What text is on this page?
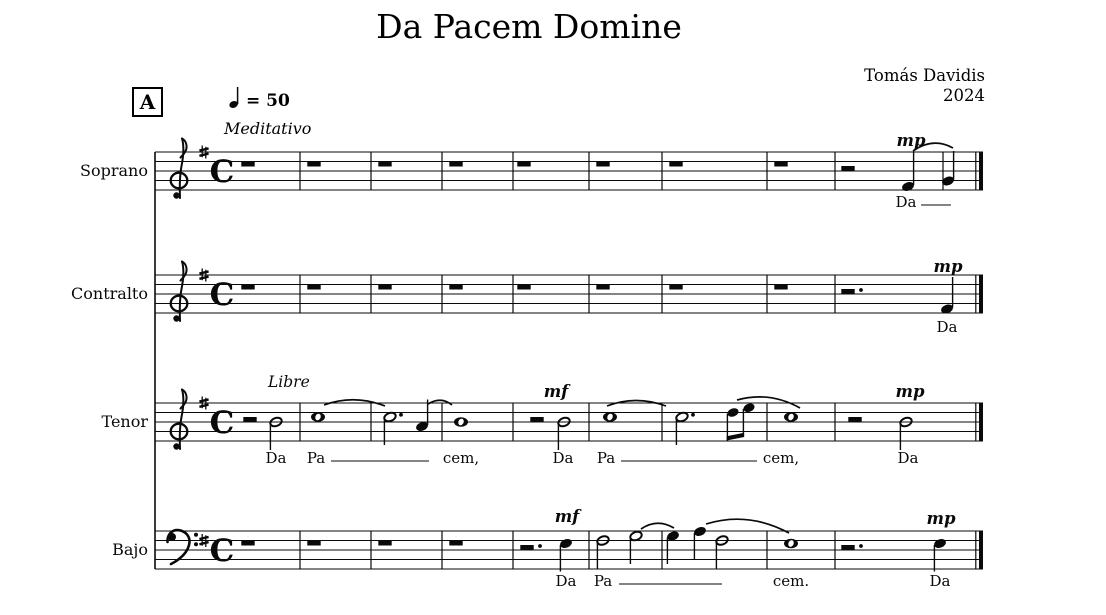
Da Pacem Domine
Tomás Davidis
2024
A	= 50
Meditativo
C
Soprano
mp
Da
C
Contralto
mp
Da
C
Tenor
mf	mp
Libre
Da Pa	cem,	Da Pa	cem,	Da
C
Bajo
mf	mp
Da Pa	cem.	Da
